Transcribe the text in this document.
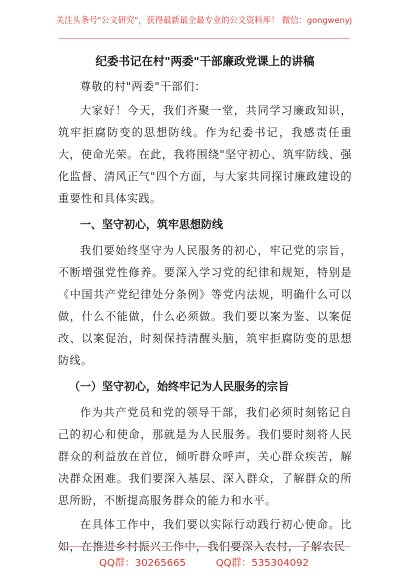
关注头条号"公文研究"，获得最新最全最专业的公文资料库！ 微信：gongwenyj
纪委书记在村"两委"干部廉政党课上的讲稿

尊敬的村"两委"干部们：

大家好！今天，我们齐聚一堂，共同学习廉政知识，筑牢拒腐防变的思想防线。作为纪委书记，我感责任重大，使命光荣。在此，我将围绕"坚守初心、筑牢防线、强化监督、清风正气"四个方面，与大家共同探讨廉政建设的重要性和具体实践。

一、坚守初心，筑牢思想防线

我们要始终坚守为人民服务的初心，牢记党的宗旨，不断增强党性修养。要深入学习党的纪律和规矩，特别是《中国共产党纪律处分条例》等党内法规，明确什么可以做，什么不能做，什么必须做。我们要以案为鉴、以案促改、以案促治，时刻保持清醒头脑，筑牢拒腐防变的思想防线。

（一）坚守初心，始终牢记为人民服务的宗旨

作为共产党员和党的领导干部，我们必须时刻铭记自己的初心和使命，那就是为人民服务。我们要时刻将人民群众的利益放在首位，倾听群众呼声，关心群众疾苦，解决群众困难。我们要深入基层、深入群众，了解群众的所思所盼，不断提高服务群众的能力和水平。

在具体工作中，我们要以实际行动践行初心使命。比如，在推进乡村振兴工作中，我们要深入农村，了解农民

QQ群：30265665	QQ群：535304092
